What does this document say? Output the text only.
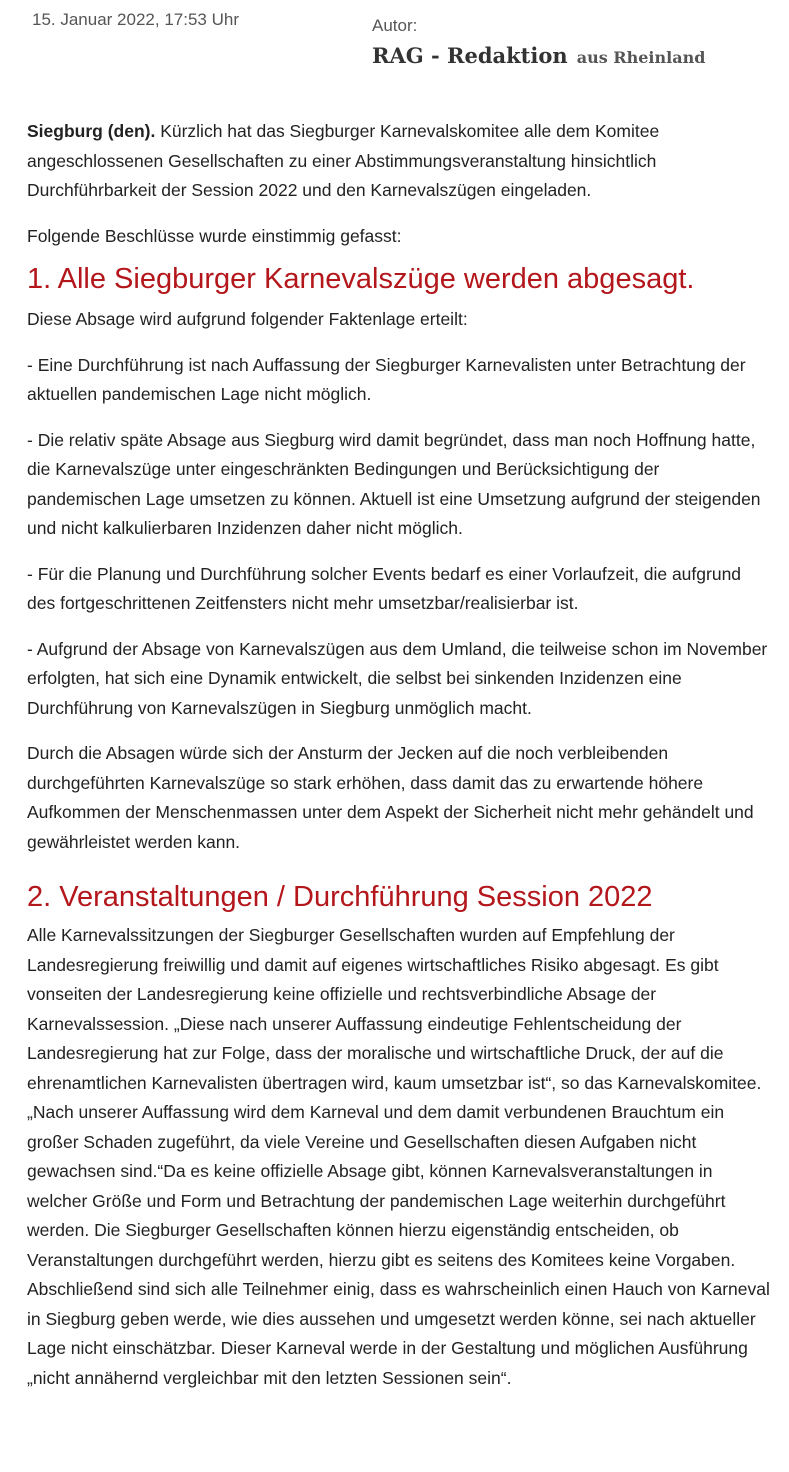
15. Januar 2022, 17:53 Uhr	Autor:
RAG - Redaktion aus Rheinland

Siegburg (den). Kürzlich hat das Siegburger Karnevalskomitee alle dem Komitee angeschlossenen Gesellschaften zu einer Abstimmungsveranstaltung hinsichtlich Durchführbarkeit der Session 2022 und den Karnevalszügen eingeladen.

Folgende Beschlüsse wurde einstimmig gefasst:

1. Alle Siegburger Karnevalszüge werden abgesagt.

Diese Absage wird aufgrund folgender Faktenlage erteilt:

- Eine Durchführung ist nach Auffassung der Siegburger Karnevalisten unter Betrachtung der aktuellen pandemischen Lage nicht möglich.

- Die relativ späte Absage aus Siegburg wird damit begründet, dass man noch Hoffnung hatte, die Karnevalszüge unter eingeschränkten Bedingungen und Berücksichtigung der pandemischen Lage umsetzen zu können. Aktuell ist eine Umsetzung aufgrund der steigenden und nicht kalkulierbaren Inzidenzen daher nicht möglich.

- Für die Planung und Durchführung solcher Events bedarf es einer Vorlaufzeit, die aufgrund des fortgeschrittenen Zeitfensters nicht mehr umsetzbar/realisierbar ist.

- Aufgrund der Absage von Karnevalszügen aus dem Umland, die teilweise schon im November erfolgten, hat sich eine Dynamik entwickelt, die selbst bei sinkenden Inzidenzen eine Durchführung von Karnevalszügen in Siegburg unmöglich macht.

Durch die Absagen würde sich der Ansturm der Jecken auf die noch verbleibenden durchgeführten Karnevalszüge so stark erhöhen, dass damit das zu erwartende höhere Aufkommen der Menschenmassen unter dem Aspekt der Sicherheit nicht mehr gehändelt und gewährleistet werden kann.

2. Veranstaltungen / Durchführung Session 2022

Alle Karnevalssitzungen der Siegburger Gesellschaften wurden auf Empfehlung der Landesregierung freiwillig und damit auf eigenes wirtschaftliches Risiko abgesagt. Es gibt vonseiten der Landesregierung keine offizielle und rechtsverbindliche Absage der Karnevalssession. „Diese nach unserer Auffassung eindeutige Fehlentscheidung der Landesregierung hat zur Folge, dass der moralische und wirtschaftliche Druck, der auf die ehrenamtlichen Karnevalisten übertragen wird, kaum umsetzbar ist“, so das Karnevalskomitee. „Nach unserer Auffassung wird dem Karneval und dem damit verbundenen Brauchtum ein großer Schaden zugeführt, da viele Vereine und Gesellschaften diesen Aufgaben nicht gewachsen sind.“Da es keine offizielle Absage gibt, können Karnevalsveranstaltungen in welcher Größe und Form und Betrachtung der pandemischen Lage weiterhin durchgeführt werden. Die Siegburger Gesellschaften können hierzu eigenständig entscheiden, ob Veranstaltungen durchgeführt werden, hierzu gibt es seitens des Komitees keine Vorgaben. Abschließend sind sich alle Teilnehmer einig, dass es wahrscheinlich einen Hauch von Karneval in Siegburg geben werde, wie dies aussehen und umgesetzt werden könne, sei nach aktueller Lage nicht einschätzbar. Dieser Karneval werde in der Gestaltung und möglichen Ausführung „nicht annähernd vergleichbar mit den letzten Sessionen sein“.
